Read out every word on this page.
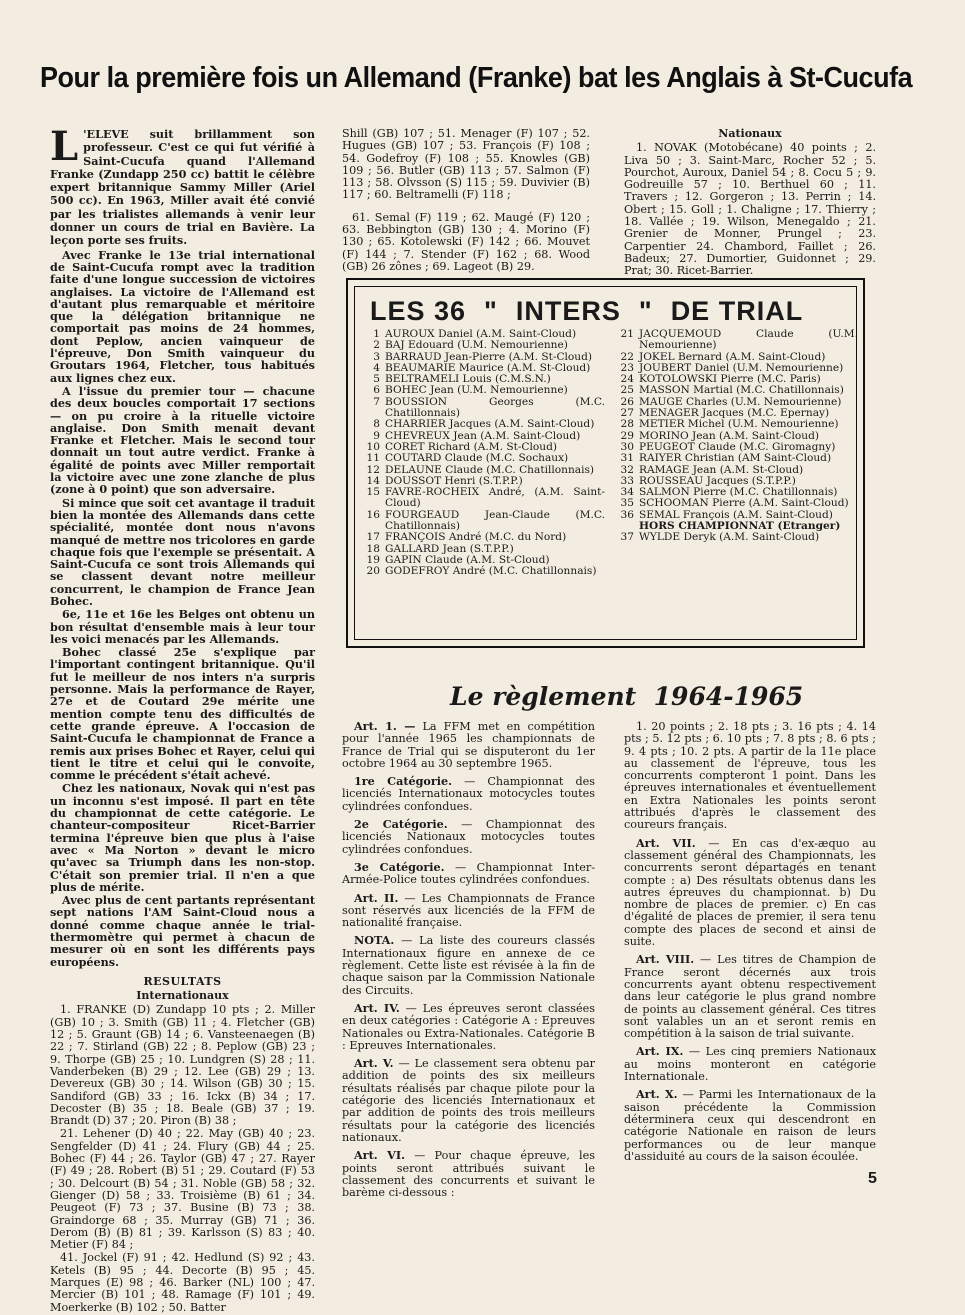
Pour la première fois un Allemand (Franke) bat les Anglais à St-Cucufa

L 'ELEVE suit brillamment son professeur. C'est ce qui fut vérifié à Saint-Cucufa quand l'Allemand Franke (Zundapp 250 cc) battit le célèbre expert britannique Sammy Miller (Ariel 500 cc). En 1963, Miller avait été convié par les trialistes allemands à venir leur donner un cours de trial en Bavière. La leçon porte ses fruits.

Avec Franke le 13e trial international de Saint-Cucufa rompt avec la tradition faite d'une longue succession de victoires anglaises. La victoire de l'Allemand est d'autant plus remarquable et méritoire que la délégation britannique ne comportait pas moins de 24 hommes, dont Peplow, ancien vainqueur de l'épreuve, Don Smith vainqueur du Groutars 1964, Fletcher, tous habitués aux lignes chez eux.

A l'issue du premier tour — chacune des deux boucles comportait 17 sections — on pu croire à la rituelle victoire anglaise. Don Smith menait devant Franke et Fletcher. Mais le second tour donnait un tout autre verdict. Franke à égalité de points avec Miller remportait la victoire avec une zone zlanche de plus (zone à 0 point) que son adversaire.

Si mince que soit cet avantage il traduit bien la montée des Allemands dans cette spécialité, montée dont nous n'avons manqué de mettre nos tricolores en garde chaque fois que l'exemple se présentait. A Saint-Cucufa ce sont trois Allemands qui se classent devant notre meilleur concurrent, le champion de France Jean Bohec.

6e, 11e et 16e les Belges ont obtenu un bon résultat d'ensemble mais à leur tour les voici menacés par les Allemands.

Bohec classé 25e s'explique par l'important contingent britannique. Qu'il fut le meilleur de nos inters n'a surpris personne. Mais la performance de Rayer, 27e et de Coutard 29e mérite une mention compte tenu des difficultés de cette grande épreuve. A l'occasion de Saint-Cucufa le championnat de France a remis aux prises Bohec et Rayer, celui qui tient le titre et celui qui le convoite, comme le précédent s'était achevé.

Chez les nationaux, Novak qui n'est pas un inconnu s'est imposé. Il part en tête du championnat de cette catégorie. Le chanteur-compositeur Ricet-Barrier termina l'épreuve bien que plus à l'aise avec « Ma Norton » devant le micro qu'avec sa Triumph dans les non-stop. C'était son premier trial. Il n'en a que plus de mérite.

Avec plus de cent partants représentant sept nations l'AM Saint-Cloud nous a donné comme chaque année le trial-thermomètre qui permet à chacun de mesurer où en sont les différents pays européens.

RESULTATS
Internationaux

1. FRANKE (D) Zundapp 10 pts ; 2. Miller (GB) 10 ; 3. Smith (GB) 11 ; 4. Fletcher (GB) 12 ; 5. Graunt (GB) 14 ; 6. Vansteenaegen (B) 22 ; 7. Stirland (GB) 22 ; 8. Peplow (GB) 23 ; 9. Thorpe (GB) 25 ; 10. Lundgren (S) 28 ; 11. Vanderbeken (B) 29 ; 12. Lee (GB) 29 ; 13. Devereux (GB) 30 ; 14. Wilson (GB) 30 ; 15. Sandiford (GB) 33 ; 16. Ickx (B) 34 ; 17. Decoster (B) 35 ; 18. Beale (GB) 37 ; 19. Brandt (D) 37 ; 20. Piron (B) 38 ;

21. Lehener (D) 40 ; 22. May (GB) 40 ; 23. Sengfelder (D) 41 ; 24. Flury (GB) 44 ; 25. Bohec (F) 44 ; 26. Taylor (GB) 47 ; 27. Rayer (F) 49 ; 28. Robert (B) 51 ; 29. Coutard (F) 53 ; 30. Delcourt (B) 54 ; 31. Noble (GB) 58 ; 32. Gienger (D) 58 ; 33. Troisième (B) 61 ; 34. Peugeot (F) 73 ; 37. Busine (B) 73 ; 38. Graindorge 68 ; 35. Murray (GB) 71 ; 36. Derom (B) (B) 81 ; 39. Karlsson (S) 83 ; 40. Metier (F) 84 ;

41. Jockel (F) 91 ; 42. Hedlund (S) 92 ; 43. Ketels (B) 95 ; 44. Decorte (B) 95 ; 45. Marques (E) 98 ; 46. Barker (NL) 100 ; 47. Mercier (B) 101 ; 48. Ramage (F) 101 ; 49. Moerkerke (B) 102 ; 50. Batter

Shill (GB) 107 ; 51. Menager (F) 107 ; 52. Hugues (GB) 107 ; 53. François (F) 108 ; 54. Godefroy (F) 108 ; 55. Knowles (GB) 109 ; 56. Butler (GB) 113 ; 57. Salmon (F) 113 ; 58. Olvsson (S) 115 ; 59. Duvivier (B) 117 ; 60. Beltramelli (F) 118 ;

61. Semal (F) 119 ; 62. Maugé (F) 120 ; 63. Bebbington (GB) 130 ; 4. Morino (F) 130 ; 65. Kotolewski (F) 142 ; 66. Mouvet (F) 144 ; 7. Stender (F) 162 ; 68. Wood (GB) 26 zônes ; 69. Lageot (B) 29.

Nationaux

1. NOVAK (Motobécane) 40 points ; 2. Liva 50 ; 3. Saint-Marc, Rocher 52 ; 5. Pourchot, Auroux, Daniel 54 ; 8. Cocu 5 ; 9. Godreuille 57 ; 10. Berthuel 60 ; 11. Travers ; 12. Gorgeron ; 13. Perrin ; 14. Obert ; 15. Goll ; 1. Chaligne ; 17. Thierry ; 18. Vallée ; 19. Wilson, Menegaldo ; 21. Grenier de Monner, Prungel ; 23. Carpentier 24. Chambord, Faillet ; 26. Badeux; 27. Dumortier, Guidonnet ; 29. Prat; 30. Ricet-Barrier.

LES 36 " INTERS " DE TRIAL
1 AUROUX Daniel (A.M. Saint-Cloud)
2 BAJ Edouard (U.M. Nemourienne)
3 BARRAUD Jean-Pierre (A.M. St-Cloud)
4 BEAUMARIE Maurice (A.M. St-Cloud)
5 BELTRAMELI Louis (C.M.S.N.)
6 BOHEC Jean (U.M. Nemourienne)
7 BOUSSION Georges (M.C. Chatillonnais)
8 CHARRIER Jacques (A.M. Saint-Cloud)
9 CHEVREUX Jean (A.M. Saint-Cloud)
10 CORET Richard (A.M. St-Cloud)
11 COUTARD Claude (M.C. Sochaux)
12 DELAUNE Claude (M.C. Chatillonnais)
14 DOUSSOT Henri (S.T.P.P.)
15 FAVRE-ROCHEIX André, (A.M. Saint-Cloud)
16 FOURGEAUD Jean-Claude (M.C. Chatillonnais)
17 FRANÇOIS André (M.C. du Nord)
18 GALLARD Jean (S.T.P.P.)
19 GAPIN Claude (A.M. St-Cloud)
20 GODEFROY André (M.C. Chatillonnais)
21 JACQUEMOUD Claude (U.M. Nemourienne)
22 JOKEL Bernard (A.M. Saint-Cloud)
23 JOUBERT Daniel (U.M. Nemourienne)
24 KOTOLOWSKI Pierre (M.C. Paris)
25 MASSON Martial (M.C. Chatillonnais)
26 MAUGE Charles (U.M. Nemourienne)
27 MENAGER Jacques (M.C. Epernay)
28 METIER Michel (U.M. Nemourienne)
29 MORINO Jean (A.M. Saint-Cloud)
30 PEUGEOT Claude (M.C. Giromagny)
31 RAIYER Christian (AM Saint-Cloud)
32 RAMAGE Jean (A.M. St-Cloud)
33 ROUSSEAU Jacques (S.T.P.P.)
34 SALMON Pierre (M.C. Chatillonnais)
35 SCHOOMAN Pierre (A.M. Saint-Cloud)
36 SEMAL François (A.M. Saint-Cloud)
HORS CHAMPIONNAT (Etranger)
37 WYLDE Deryk (A.M. Saint-Cloud)
Le règlement 1964-1965

Art. 1. — La FFM met en compétition pour l'année 1965 les championnats de France de Trial qui se disputeront du 1er octobre 1964 au 30 septembre 1965.

1re Catégorie. — Championnat des licenciés Internationaux motocycles toutes cylindrées confondues.

2e Catégorie. — Championnat des licenciés Nationaux motocycles toutes cylindrées confondues.

3e Catégorie. — Championnat Inter-Armée-Police toutes cylindrées confondues.

Art. II. — Les Championnats de France sont réservés aux licenciés de la FFM de nationalité française.

NOTA. — La liste des coureurs classés Internationaux figure en annexe de ce règlement. Cette liste est révisée à la fin de chaque saison par la Commission Nationale des Circuits.

Art. IV. — Les épreuves seront classées en deux catégories : Catégorie A : Epreuves Nationales ou Extra-Nationales. Catégorie B : Epreuves Internationales.

Art. V. — Le classement sera obtenu par addition de points des six meilleurs résultats réalisés par chaque pilote pour la catégorie des licenciés Internationaux et par addition de points des trois meilleurs résultats pour la catégorie des licenciés nationaux.

Art. VI. — Pour chaque épreuve, les points seront attribués suivant le classement des concurrents et suivant le barème ci-dessous :

1. 20 points ; 2. 18 pts ; 3. 16 pts ; 4. 14 pts ; 5. 12 pts ; 6. 10 pts ; 7. 8 pts ; 8. 6 pts ; 9. 4 pts ; 10. 2 pts. A partir de la 11e place au classement de l'épreuve, tous les concurrents compteront 1 point. Dans les épreuves internationales et éventuellement en Extra Nationales les points seront attribués d'après le classement des coureurs français.

Art. VII. — En cas d'ex-æquo au classement général des Championnats, les concurrents seront départagés en tenant compte : a) Des résultats obtenus dans les autres épreuves du championnat. b) Du nombre de places de premier. c) En cas d'égalité de places de premier, il sera tenu compte des places de second et ainsi de suite.

Art. VIII. — Les titres de Champion de France seront décernés aux trois concurrents ayant obtenu respectivement dans leur catégorie le plus grand nombre de points au classement général. Ces titres sont valables un an et seront remis en compétition à la saison de trial suivante.

Art. IX. — Les cinq premiers Nationaux au moins monteront en catégorie Internationale.

Art. X. — Parmi les Internationaux de la saison précédente la Commission déterminera ceux qui descendront en catégorie Nationale en raison de leurs performances ou de leur manque d'assiduité au cours de la saison écoulée.

5
